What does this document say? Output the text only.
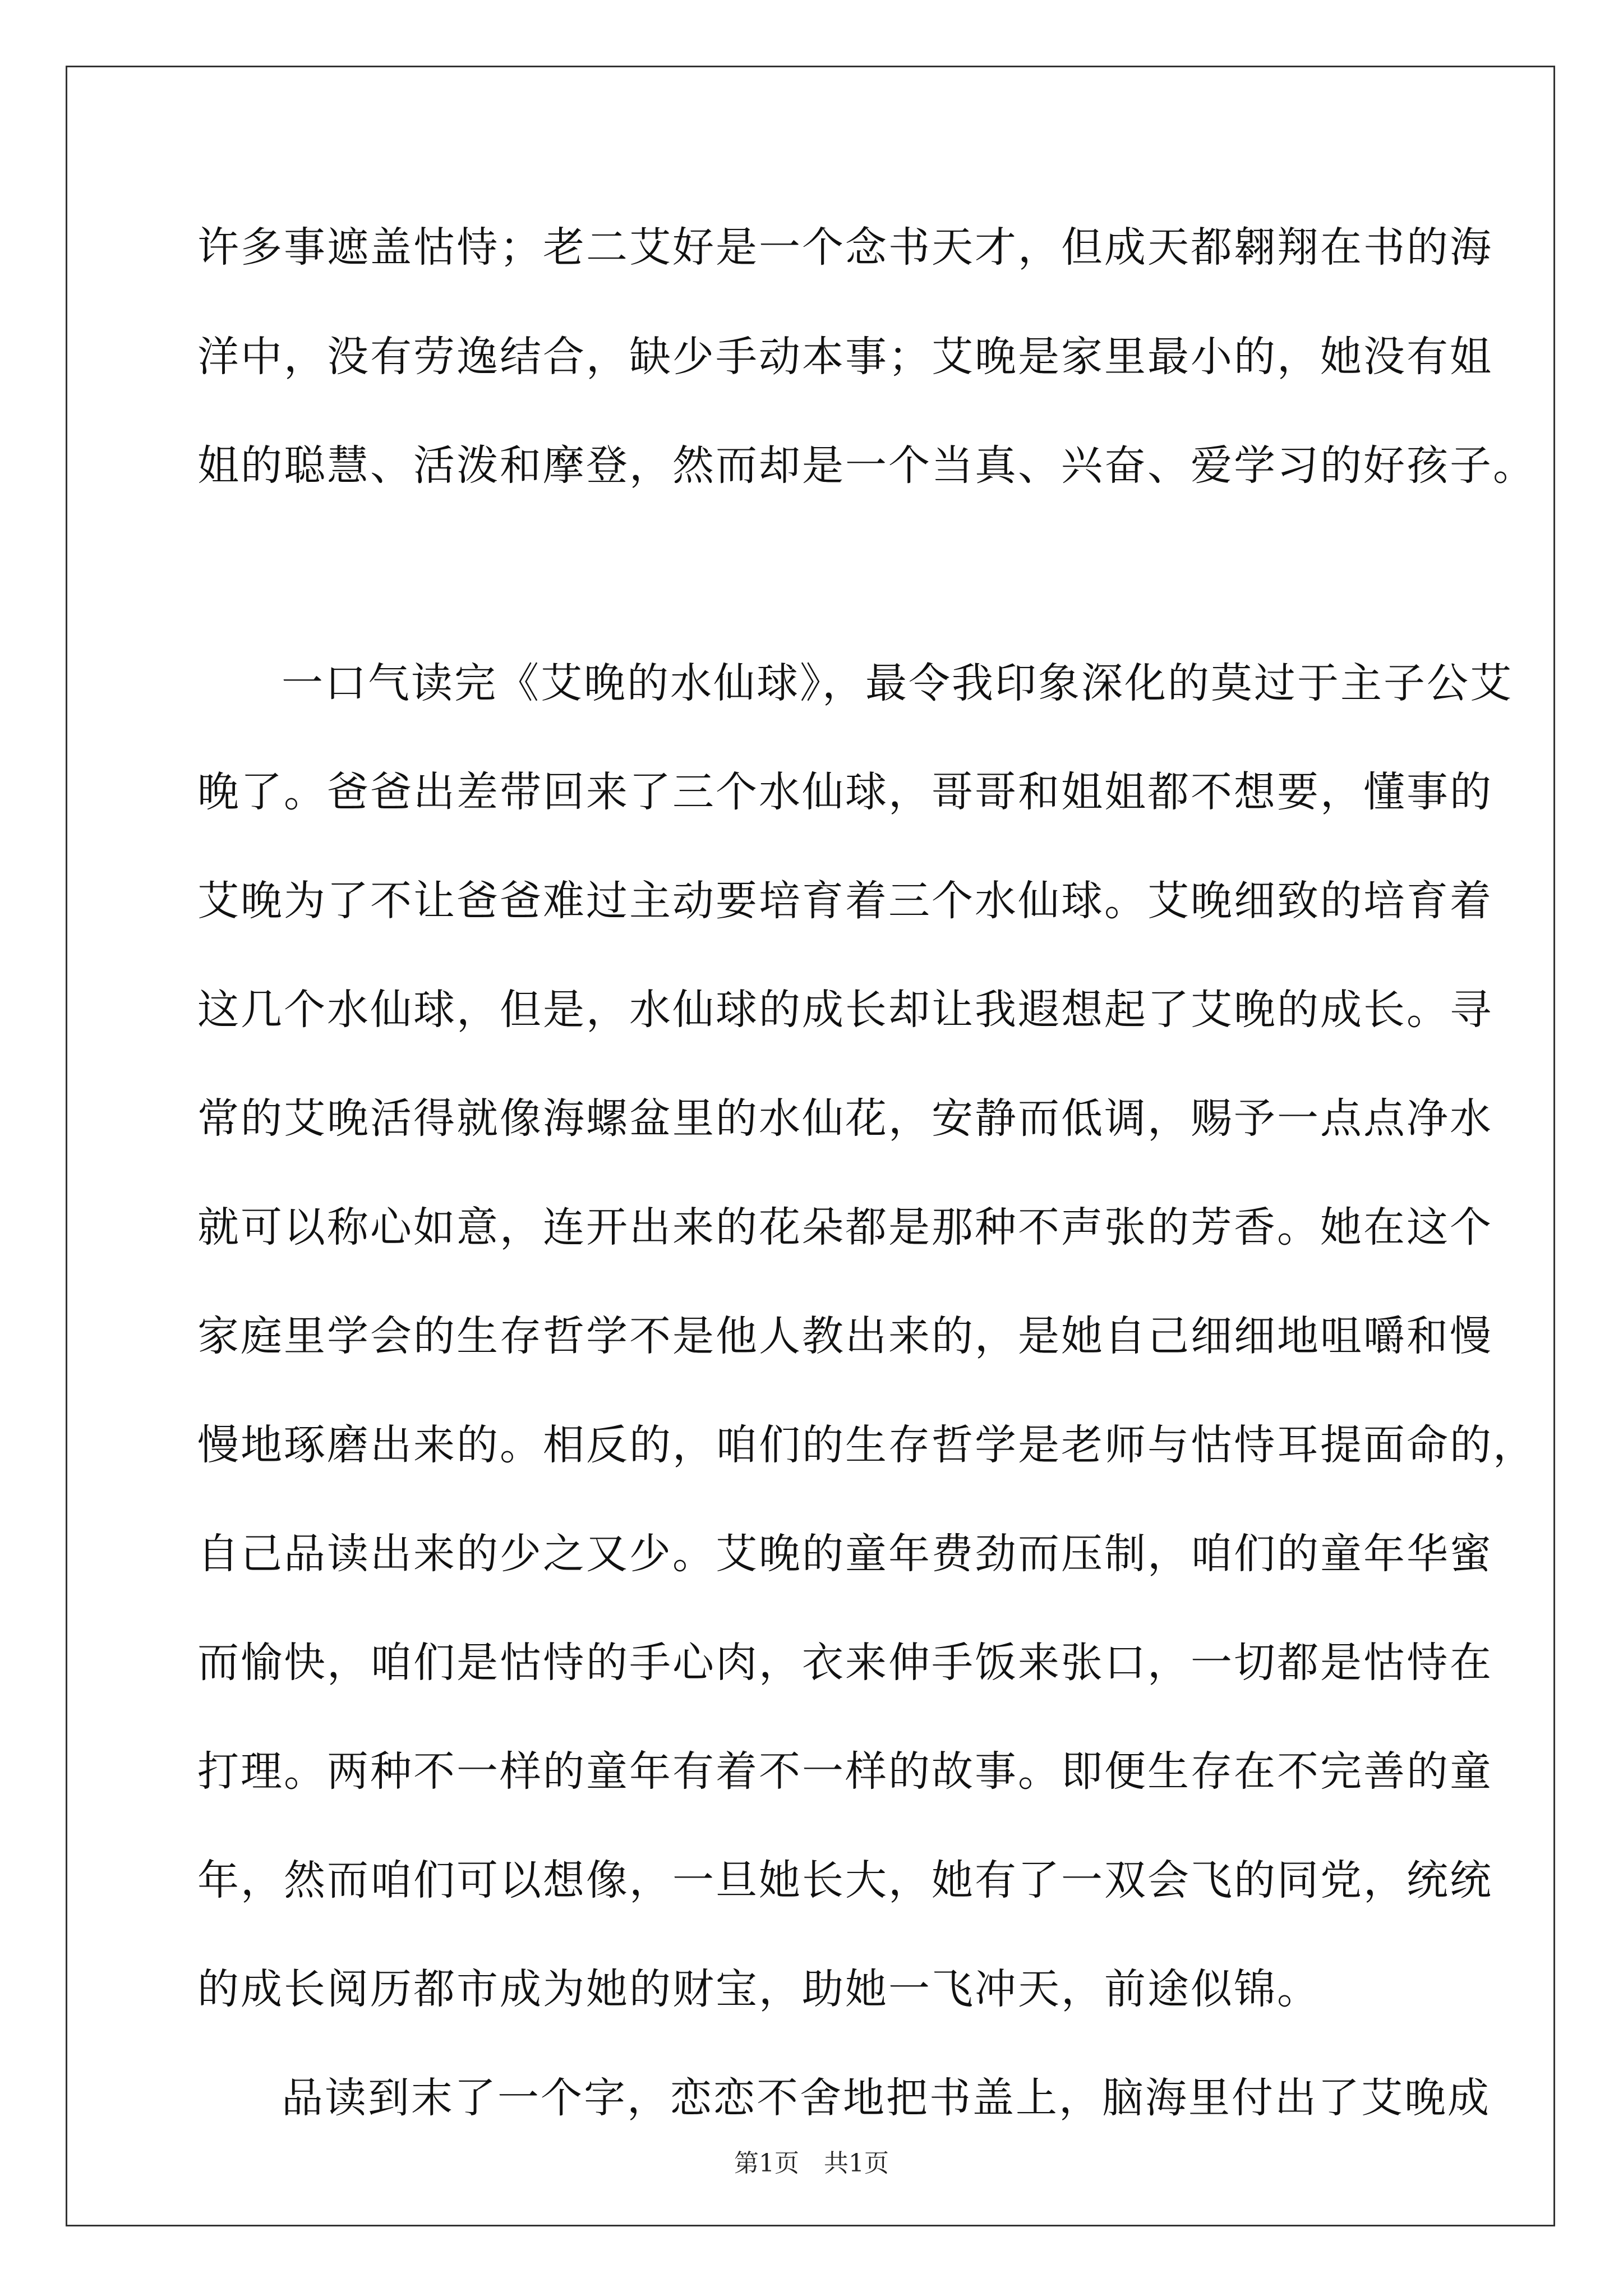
许多事遮盖怙恃；老二艾好是一个念书天才，但成天都翱翔在书的海
洋中，没有劳逸结合，缺少手动本事；艾晚是家里最小的，她没有姐
姐的聪慧、活泼和摩登，然而却是一个当真、兴奋、爱学习的好孩子。
一口气读完《艾晚的水仙球》，最令我印象深化的莫过于主子公艾
晚了。爸爸出差带回来了三个水仙球，哥哥和姐姐都不想要，懂事的
艾晚为了不让爸爸难过主动要培育着三个水仙球。艾晚细致的培育着
这几个水仙球，但是，水仙球的成长却让我遐想起了艾晚的成长。寻
常的艾晚活得就像海螺盆里的水仙花，安静而低调，赐予一点点净水
就可以称心如意，连开出来的花朵都是那种不声张的芳香。她在这个
家庭里学会的生存哲学不是他人教出来的，是她自己细细地咀嚼和慢
慢地琢磨出来的。相反的，咱们的生存哲学是老师与怙恃耳提面命的，
自己品读出来的少之又少。艾晚的童年费劲而压制，咱们的童年华蜜
而愉快，咱们是怙恃的手心肉，衣来伸手饭来张口，一切都是怙恃在
打理。两种不一样的童年有着不一样的故事。即便生存在不完善的童
年，然而咱们可以想像，一旦她长大，她有了一双会飞的同党，统统
的成长阅历都市成为她的财宝，助她一飞冲天，前途似锦。
品读到末了一个字，恋恋不舍地把书盖上，脑海里付出了艾晚成
第1页 共1页
